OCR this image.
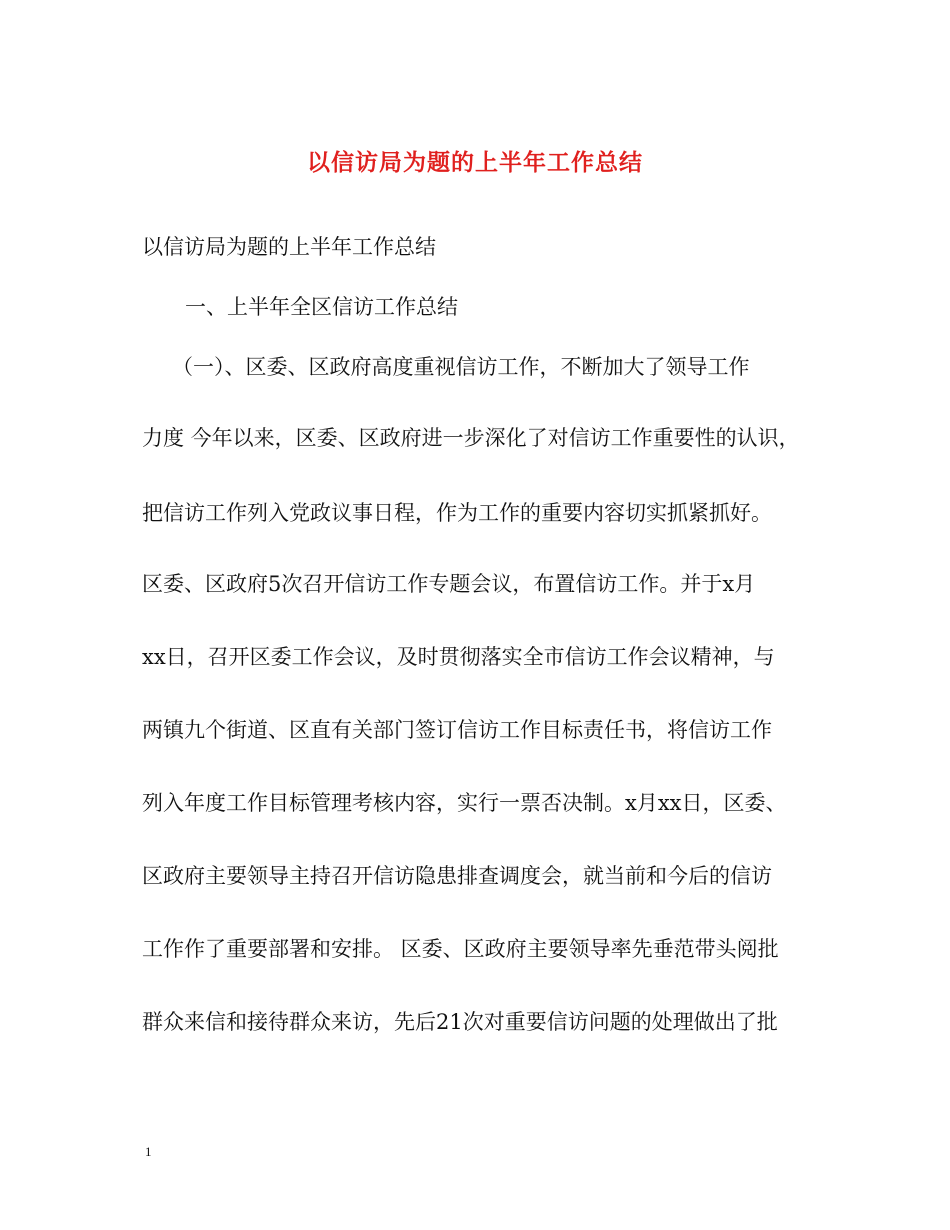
以信访局为题的上半年工作总结
以信访局为题的上半年工作总结
一、上半年全区信访工作总结
（一）、区委、区政府高度重视信访工作，不断加大了领导工作
力度 今年以来，区委、区政府进一步深化了对信访工作重要性的认识，
把信访工作列入党政议事日程，作为工作的重要内容切实抓紧抓好。
区委、区政府5次召开信访工作专题会议，布置信访工作。并于x月
xx日，召开区委工作会议，及时贯彻落实全市信访工作会议精神，与
两镇九个街道、区直有关部门签订信访工作目标责任书，将信访工作
列入年度工作目标管理考核内容，实行一票否决制。x月xx日，区委、
区政府主要领导主持召开信访隐患排查调度会，就当前和今后的信访
工作作了重要部署和安排。 区委、区政府主要领导率先垂范带头阅批
群众来信和接待群众来访，先后21次对重要信访问题的处理做出了批
1
